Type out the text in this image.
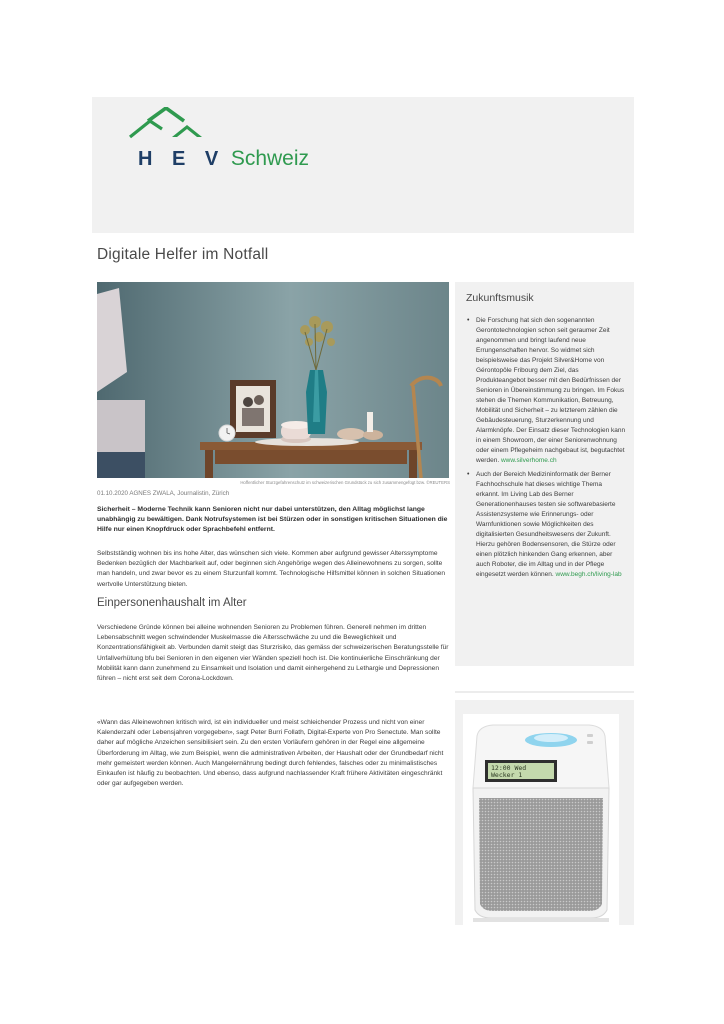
H E V Schweiz
Digitale Helfer im Notfall
Hoffentlicher Sturzgefahrenschutz im schweizerischen Grundstück zu sich zusammengefügt bzw. ©REUTERS
01.10.2020 AGNES ZWALA, Journalistin, Zürich
Sicherheit – Moderne Technik kann Senioren nicht nur dabei unterstützen, den Alltag möglichst lange unabhängig zu bewältigen. Dank Notrufsystemen ist bei Stürzen oder in sonstigen kritischen Situationen die Hilfe nur einen Knopfdruck oder Sprachbefehl entfernt.
Selbstständig wohnen bis ins hohe Alter, das wünschen sich viele. Kommen aber aufgrund gewisser Alterssymptome Bedenken bezüglich der Machbarkeit auf, oder beginnen sich Angehörige wegen des Alleinewohnens zu sorgen, sollte man handeln, und zwar bevor es zu einem Sturzunfall kommt. Technologische Hilfsmittel können in solchen Situationen wertvolle Unterstützung bieten.
Einpersonenhaushalt im Alter
Verschiedene Gründe können bei alleine wohnenden Senioren zu Problemen führen. Generell nehmen im dritten Lebensabschnitt wegen schwindender Muskelmasse die Altersschwäche zu und die Beweglichkeit und Konzentrationsfähigkeit ab. Verbunden damit steigt das Sturzrisiko, das gemäss der schweizerischen Beratungsstelle für Unfallverhütung bfu bei Senioren in den eigenen vier Wänden speziell hoch ist. Die kontinuierliche Einschränkung der Mobilität kann dann zunehmend zu Einsamkeit und Isolation und damit einhergehend zu Lethargie und Depressionen führen – nicht erst seit dem Corona-Lockdown.
«Wann das Alleinewohnen kritisch wird, ist ein individueller und meist schleichender Prozess und nicht von einer Kalenderzahl oder Lebensjahren vorgegeben», sagt Peter Burri Follath, Digital-Experte von Pro Senectute. Man sollte daher auf mögliche Anzeichen sensibilisiert sein. Zu den ersten Vorläufern gehören in der Regel eine allgemeine Überforderung im Alltag, wie zum Beispiel, wenn die administrativen Arbeiten, der Haushalt oder der Grundbedarf nicht mehr gemeistert werden können. Auch Mangelernährung bedingt durch fehlendes, falsches oder zu minimalistisches Einkaufen ist häufig zu beobachten. Und ebenso, dass aufgrund nachlassender Kraft frühere Aktivitäten eingeschränkt oder gar aufgegeben werden.
Zukunftsmusik
• Die Forschung hat sich den sogenannten Gerontotechnologien schon seit geraumer Zeit angenommen und bringt laufend neue Errungenschaften hervor. So widmet sich beispielsweise das Projekt Silver&Home von Gérontopôle Fribourg dem Ziel, das Produkteangebot besser mit den Bedürfnissen der Senioren in Übereinstimmung zu bringen. Im Fokus stehen die Themen Kommunikation, Betreuung, Mobilität und Sicherheit – zu letzterem zählen die Gebäudesteuerung, Sturzerkennung und Alarmknöpfe. Der Einsatz dieser Technologien kann in einem Showroom, der einer Seniorenwohnung oder einem Pflegeheim nachgebaut ist, begutachtet werden. www.silverhome.ch
• Auch der Bereich Medizininformatik der Berner Fachhochschule hat dieses wichtige Thema erkannt. Im Living Lab des Berner Generationenhauses testen sie softwarebasierte Assistenzsysteme wie Erinnerungs- oder Warnfunktionen sowie Möglichkeiten des digitalisierten Gesundheitswesens der Zukunft. Hierzu gehören Bodensensoren, die Stürze oder einen plötzlich hinkenden Gang erkennen, aber auch Roboter, die im Alltag und in der Pflege eingesetzt werden können. www.begh.ch/living-lab
12:00 Wed
Wecker 1
